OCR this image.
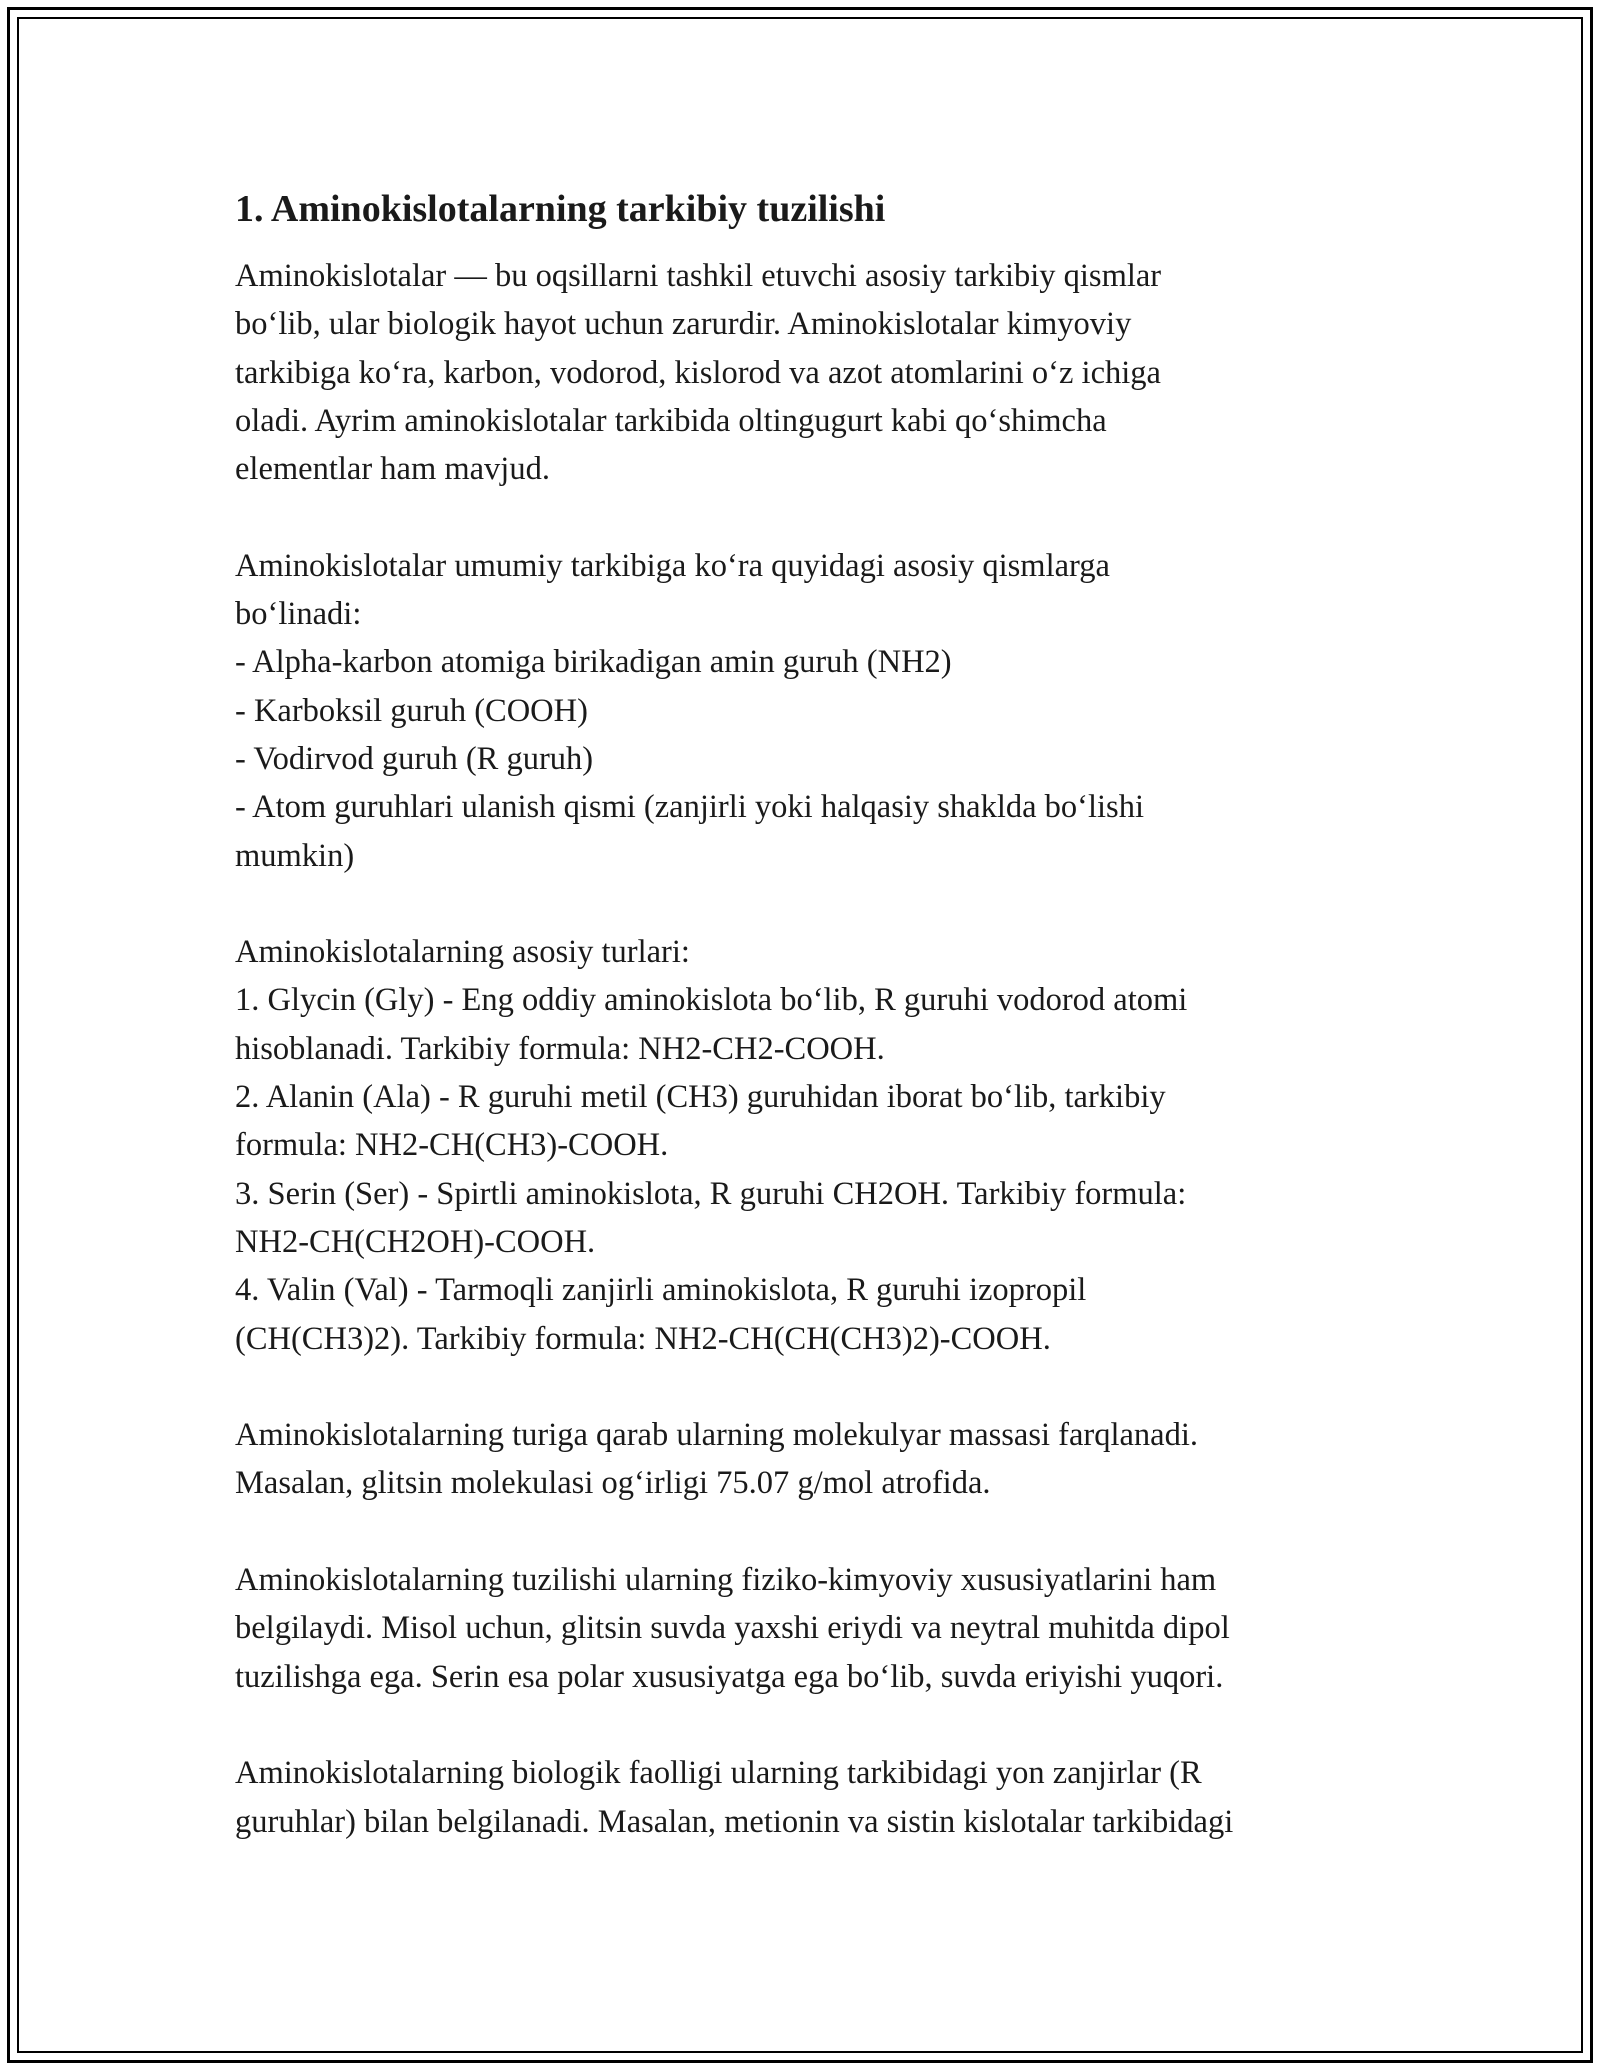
1. Aminokislotalarning tarkibiy tuzilishi
Aminokislotalar — bu oqsillarni tashkil etuvchi asosiy tarkibiy qismlar
bo‘lib, ular biologik hayot uchun zarurdir. Aminokislotalar kimyoviy
tarkibiga ko‘ra, karbon, vodorod, kislorod va azot atomlarini o‘z ichiga
oladi. Ayrim aminokislotalar tarkibida oltingugurt kabi qo‘shimcha
elementlar ham mavjud.
Aminokislotalar umumiy tarkibiga ko‘ra quyidagi asosiy qismlarga
bo‘linadi:
- Alpha-karbon atomiga birikadigan amin guruh (NH2)
- Karboksil guruh (COOH)
- Vodirvod guruh (R guruh)
- Atom guruhlari ulanish qismi (zanjirli yoki halqasiy shaklda bo‘lishi
mumkin)
Aminokislotalarning asosiy turlari:
1. Glycin (Gly) - Eng oddiy aminokislota bo‘lib, R guruhi vodorod atomi
hisoblanadi. Tarkibiy formula: NH2-CH2-COOH.
2. Alanin (Ala) - R guruhi metil (CH3) guruhidan iborat bo‘lib, tarkibiy
formula: NH2-CH(CH3)-COOH.
3. Serin (Ser) - Spirtli aminokislota, R guruhi CH2OH. Tarkibiy formula:
NH2-CH(CH2OH)-COOH.
4. Valin (Val) - Tarmoqli zanjirli aminokislota, R guruhi izopropil
(CH(CH3)2). Tarkibiy formula: NH2-CH(CH(CH3)2)-COOH.
Aminokislotalarning turiga qarab ularning molekulyar massasi farqlanadi.
Masalan, glitsin molekulasi og‘irligi 75.07 g/mol atrofida.
Aminokislotalarning tuzilishi ularning fiziko-kimyoviy xususiyatlarini ham
belgilaydi. Misol uchun, glitsin suvda yaxshi eriydi va neytral muhitda dipol
tuzilishga ega. Serin esa polar xususiyatga ega bo‘lib, suvda eriyishi yuqori.
Aminokislotalarning biologik faolligi ularning tarkibidagi yon zanjirlar (R
guruhlar) bilan belgilanadi. Masalan, metionin va sistin kislotalar tarkibidagi
